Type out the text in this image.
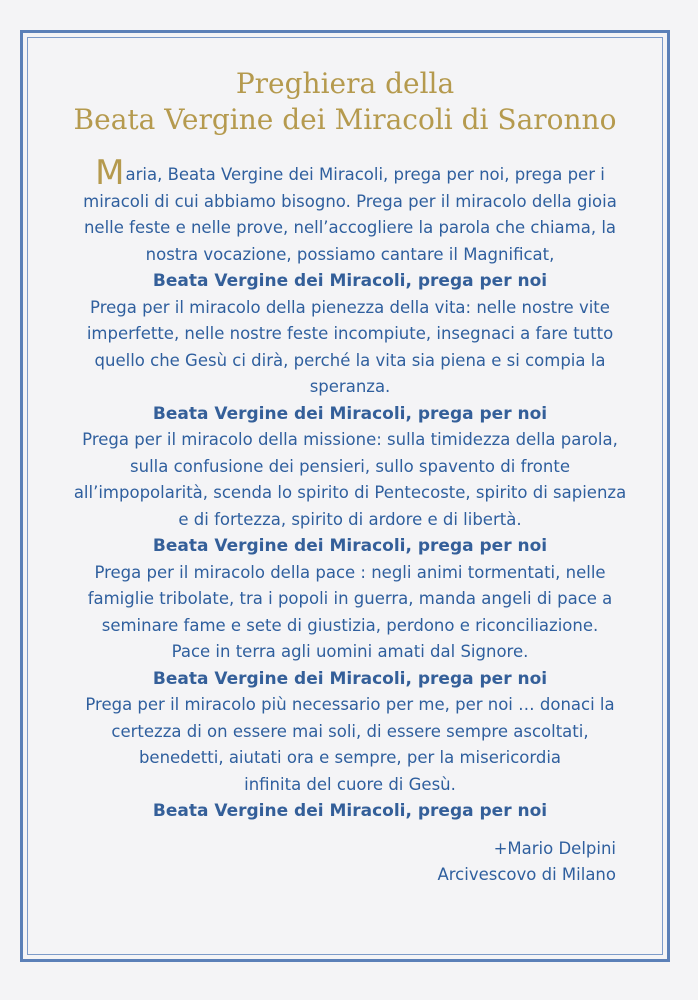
Preghiera della
Beata Vergine dei Miracoli di Saronno

Maria, Beata Vergine dei Miracoli, prega per noi, prega per i

miracoli di cui abbiamo bisogno. Prega per il miracolo della gioia

nelle feste e nelle prove, nell’accogliere la parola che chiama, la

nostra vocazione, possiamo cantare il Magnificat,

Beata Vergine dei Miracoli, prega per noi

Prega per il miracolo della pienezza della vita: nelle nostre vite

imperfette, nelle nostre feste incompiute, insegnaci a fare tutto

quello che Gesù ci dirà, perché la vita sia piena e si compia la

speranza.

Beata Vergine dei Miracoli, prega per noi

Prega per il miracolo della missione: sulla timidezza della parola,

sulla confusione dei pensieri, sullo spavento di fronte

all’impopolarità, scenda lo spirito di Pentecoste, spirito di sapienza

e di fortezza, spirito di ardore e di libertà.

Beata Vergine dei Miracoli, prega per noi

Prega per il miracolo della pace : negli animi tormentati, nelle

famiglie tribolate, tra i popoli in guerra, manda angeli di pace a

seminare fame e sete di giustizia, perdono e riconciliazione.

Pace in terra agli uomini amati dal Signore.

Beata Vergine dei Miracoli, prega per noi

Prega per il miracolo più necessario per me, per noi … donaci la

certezza di on essere mai soli, di essere sempre ascoltati,

benedetti, aiutati ora e sempre, per la misericordia

infinita del cuore di Gesù.

Beata Vergine dei Miracoli, prega per noi

+Mario Delpini
Arcivescovo di Milano
